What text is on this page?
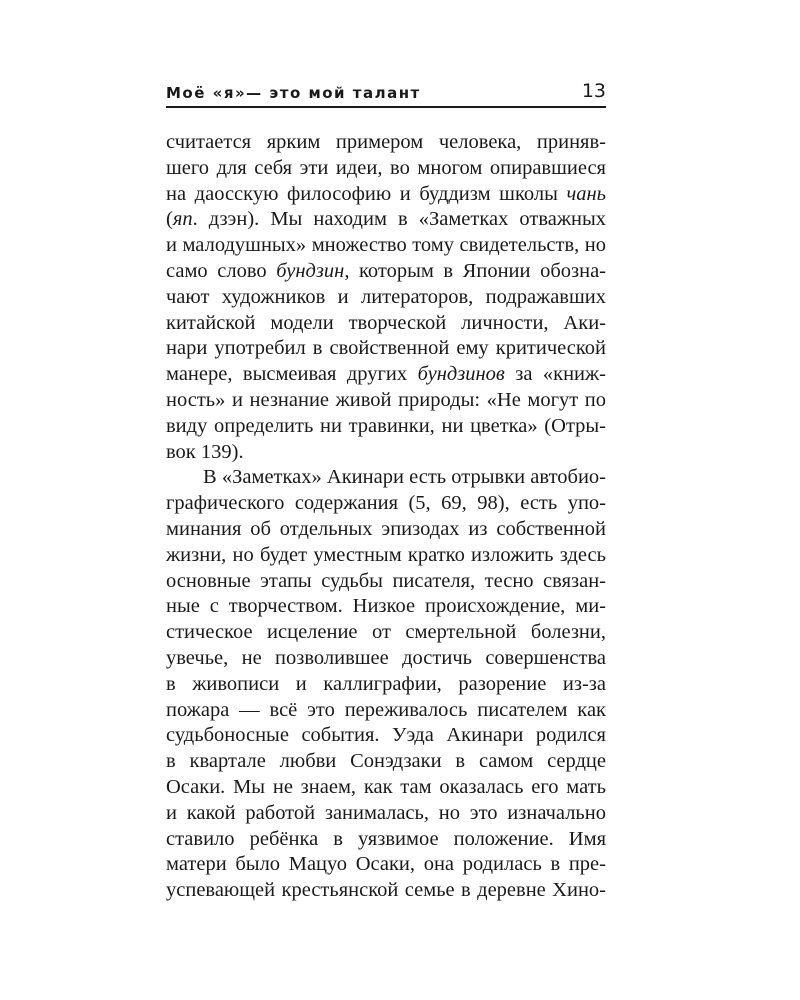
Моё «я»— это мой талант	13
считается ярким примером человека, приняв-
шего для себя эти идеи, во многом опиравшиеся
на даосскую философию и буддизм школы чань
(яп. дзэн). Мы находим в «Заметках отважных
и малодушных» множество тому свидетельств, но
само слово бундзин, которым в Японии обозна-
чают художников и литераторов, подражавших
китайской модели творческой личности, Аки-
нари употребил в свойственной ему критической
манере, высмеивая других бундзинов за «книж-
ность» и незнание живой природы: «Не могут по
виду определить ни травинки, ни цветка» (Отры-
вок 139).
В «Заметках» Акинари есть отрывки автобио-
графического содержания (5, 69, 98), есть упо-
минания об отдельных эпизодах из собственной
жизни, но будет уместным кратко изложить здесь
основные этапы судьбы писателя, тесно связан-
ные с творчеством. Низкое происхождение, ми-
стическое исцеление от смертельной болезни,
увечье, не позволившее достичь совершенства
в живописи и каллиграфии, разорение из-за
пожара — всё это переживалось писателем как
судьбоносные события. Уэда Акинари родился
в квартале любви Сонэдзаки в самом сердце
Осаки. Мы не знаем, как там оказалась его мать
и какой работой занималась, но это изначально
ставило ребёнка в уязвимое положение. Имя
матери было Мацуо Осаки, она родилась в пре-
успевающей крестьянской семье в деревне Хино-
